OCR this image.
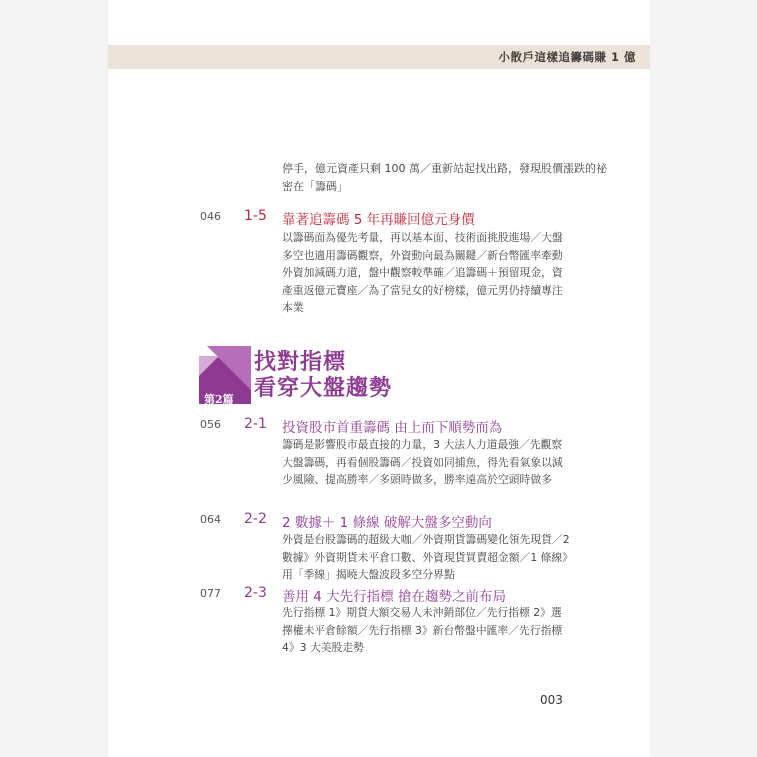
小散戶這樣追籌碼賺 1 億
停手，億元資產只剩 100 萬／重新站起找出路，發現股價漲跌的祕密在「籌碼」
046 1-5 靠著追籌碼 5 年再賺回億元身價
以籌碼面為優先考量，再以基本面、技術面挑股進場／大盤多空也適用籌碼觀察，外資動向最為關鍵／新台幣匯率牽動外資加減碼力道，盤中觀察較準確／追籌碼＋預留現金，資產重返億元寶座／為了當兒女的好榜樣，億元男仍持續專注本業
第2篇
找對指標
看穿大盤趨勢
056 2-1 投資股市首重籌碼 由上而下順勢而為
籌碼是影響股市最直接的力量，3 大法人力道最強／先觀察大盤籌碼，再看個股籌碼／投資如同捕魚，得先看氣象以減少風險、提高勝率／多頭時做多，勝率遠高於空頭時做多
064 2-2 2 數據＋ 1 條線 破解大盤多空動向
外資是台股籌碼的超級大咖／外資期貨籌碼變化領先現貨／2 數據》外資期貨未平倉口數、外資現貨買賣超金額／1 條線》用「季線」揭曉大盤波段多空分界點
077 2-3 善用 4 大先行指標 搶在趨勢之前布局
先行指標 1》期貨大額交易人未沖銷部位／先行指標 2》選擇權未平倉餘額／先行指標 3》新台幣盤中匯率／先行指標 4》3 大美股走勢
003
